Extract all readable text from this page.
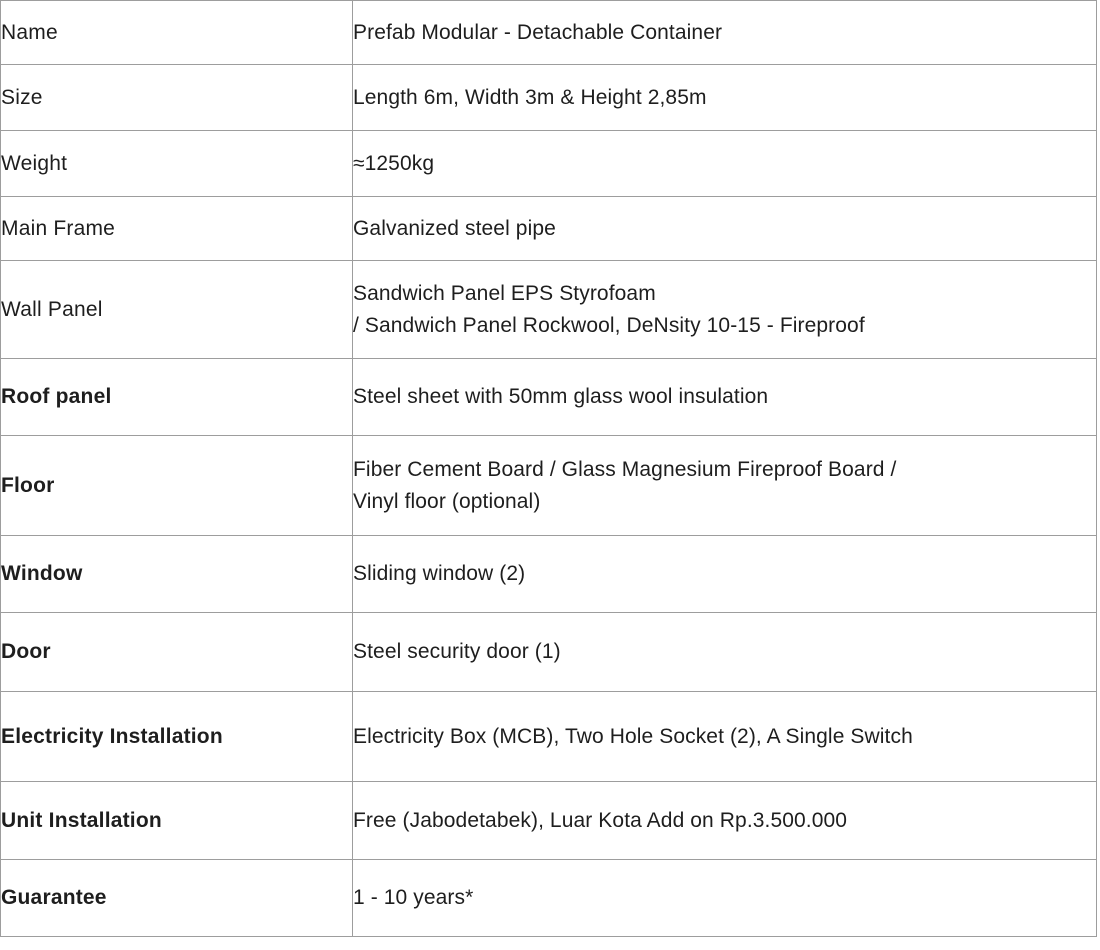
Name	Prefab Modular - Detachable Container

Size	Length 6m, Width 3m & Height 2,85m

Weight	≈1250kg

Main Frame	Galvanized steel pipe

Wall Panel	Sandwich Panel EPS Styrofoam
/ Sandwich Panel Rockwool, DeNsity 10-15 - Fireproof

Roof panel	Steel sheet with 50mm glass wool insulation

Floor	Fiber Cement Board / Glass Magnesium Fireproof Board /
Vinyl floor (optional)

Window	Sliding window (2)

Door	Steel security door (1)

Electricity Installation	Electricity Box (MCB), Two Hole Socket (2), A Single Switch

Unit Installation	Free (Jabodetabek), Luar Kota Add on Rp.3.500.000

Guarantee	1 - 10 years*
